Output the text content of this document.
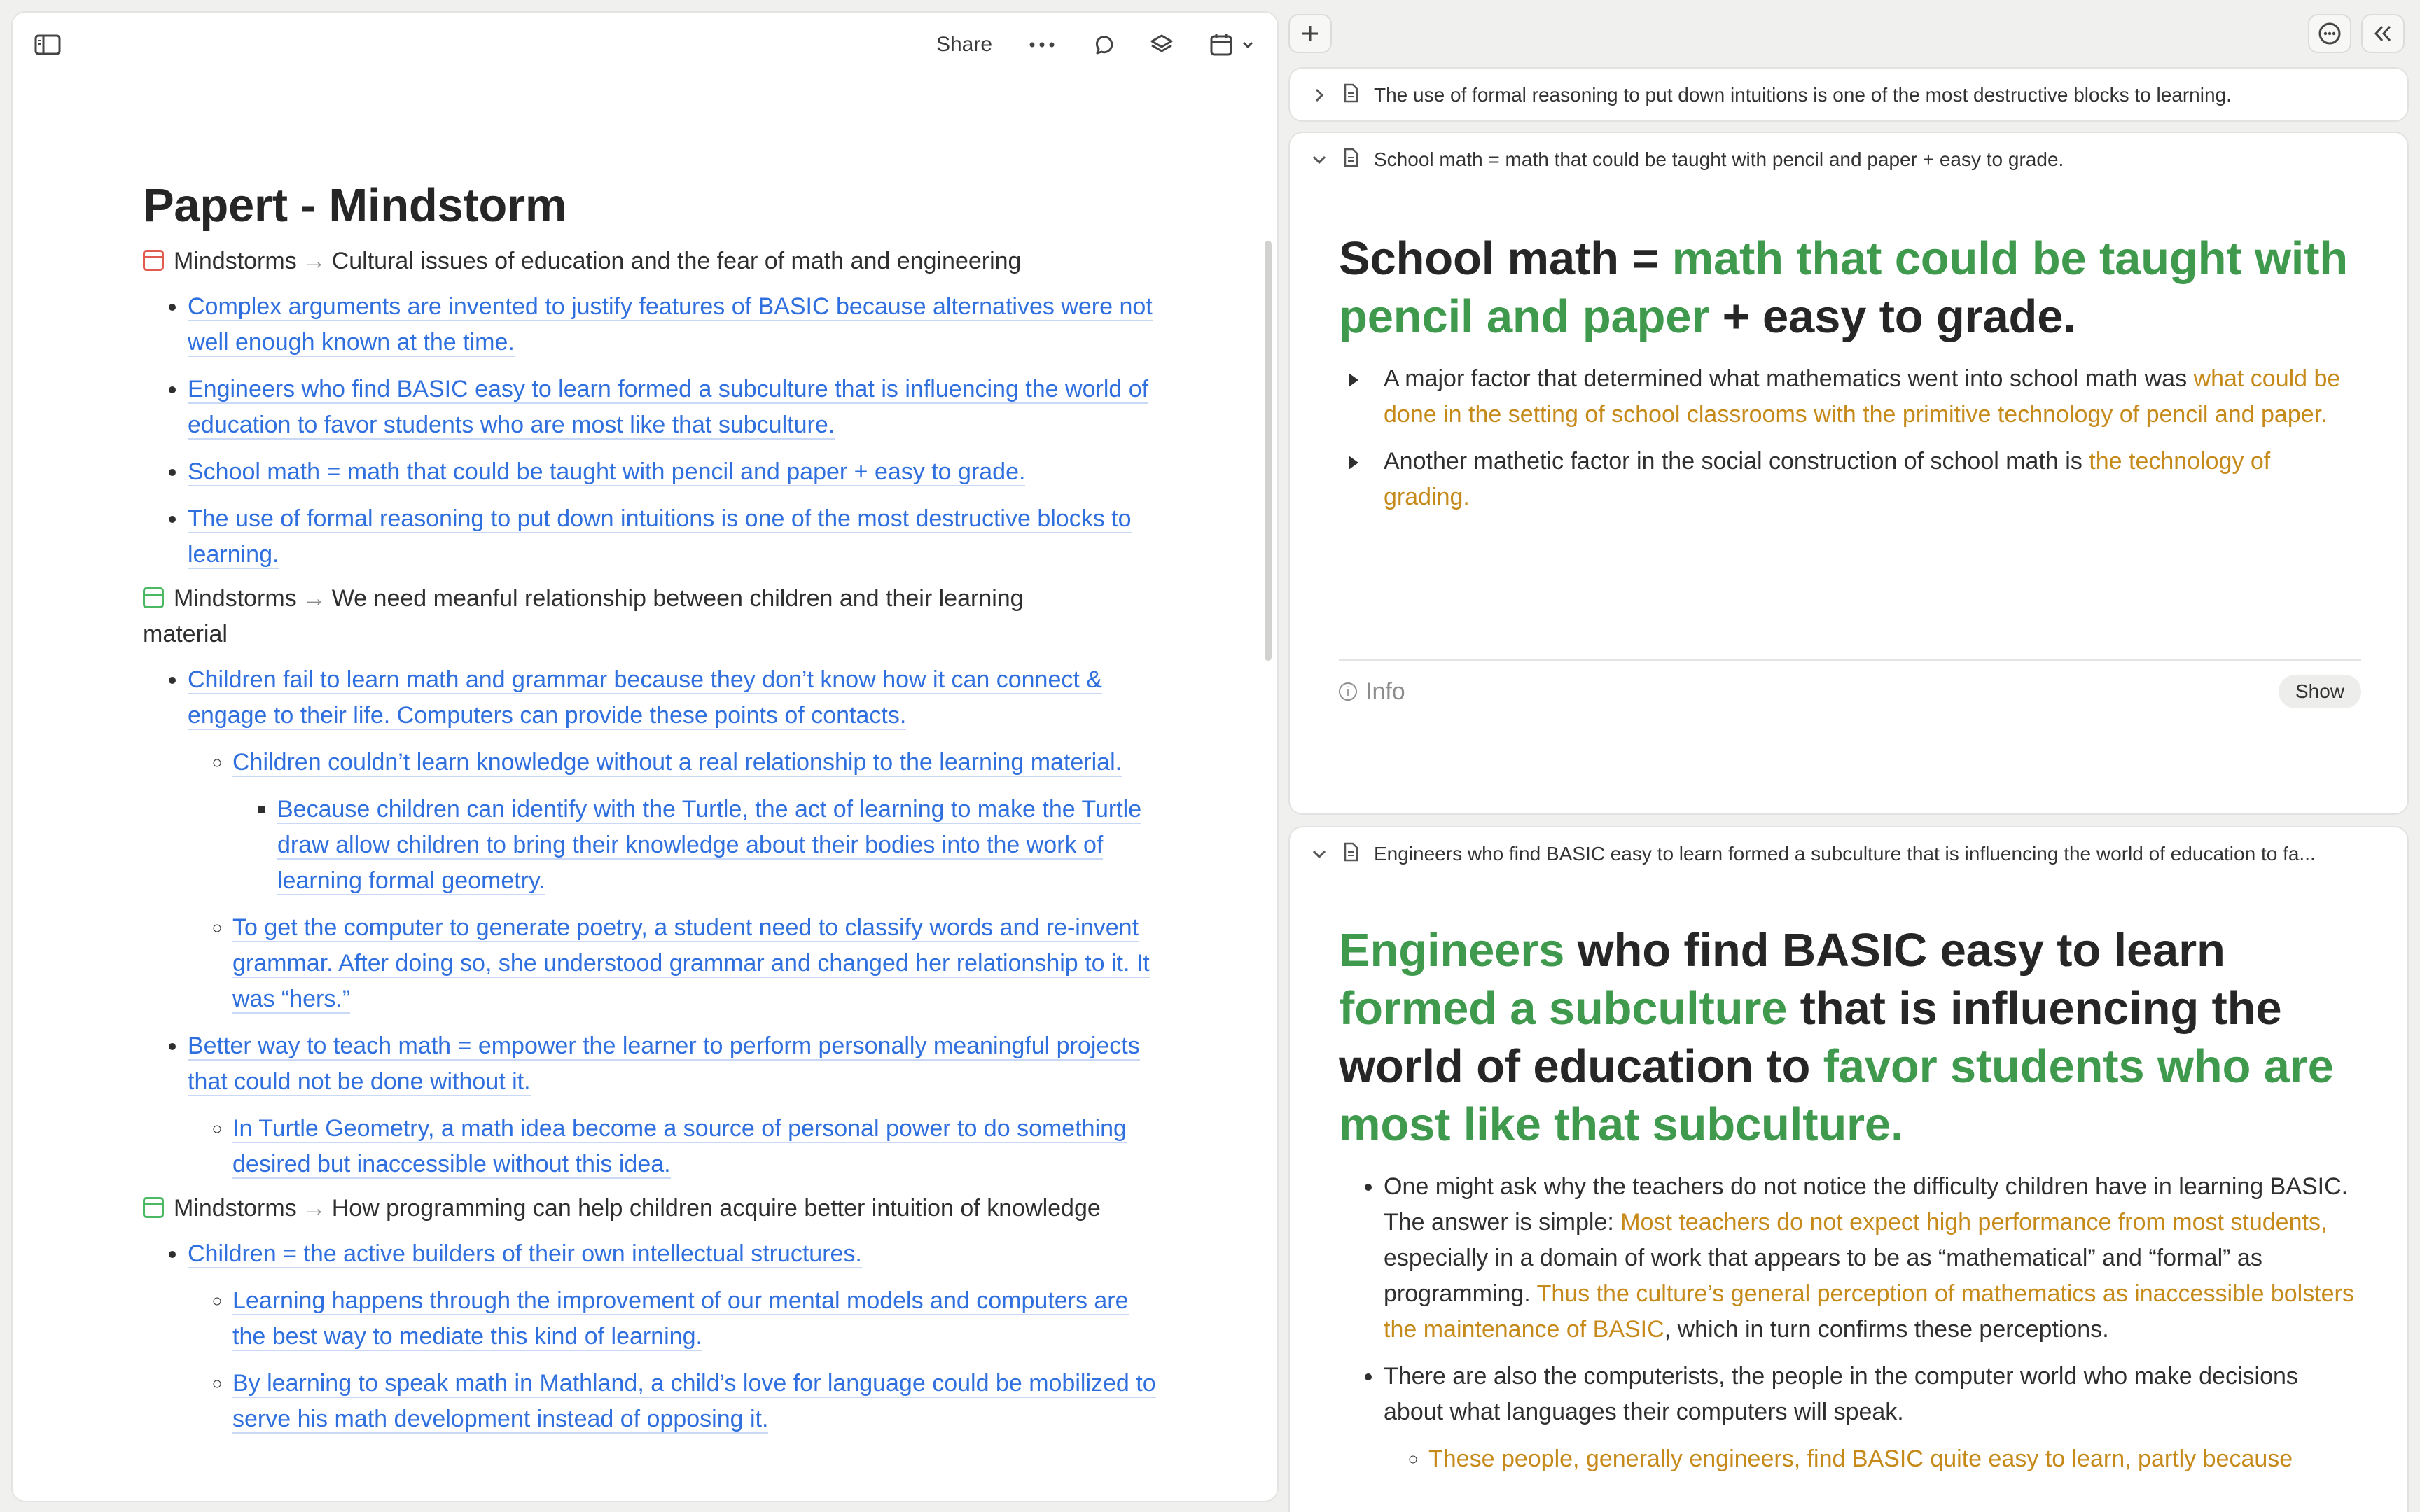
Share
Papert - Mindstorm
Mindstorms → Cultural issues of education and the fear of math and engineering
• Complex arguments are invented to justify features of BASIC because alternatives were not well enough known at the time.
• Engineers who find BASIC easy to learn formed a subculture that is influencing the world of education to favor students who are most like that subculture.
• School math = math that could be taught with pencil and paper + easy to grade.
• The use of formal reasoning to put down intuitions is one of the most destructive blocks to learning.
Mindstorms → We need meanful relationship between children and their learning material
• Children fail to learn math and grammar because they don’t know how it can connect & engage to their life. Computers can provide these points of contacts.
◦ Children couldn’t learn knowledge without a real relationship to the learning material.
▪ Because children can identify with the Turtle, the act of learning to make the Turtle draw allow children to bring their knowledge about their bodies into the work of learning formal geometry.
◦ To get the computer to generate poetry, a student need to classify words and re-invent grammar. After doing so, she understood grammar and changed her relationship to it. It was “hers.”
• Better way to teach math = empower the learner to perform personally meaningful projects that could not be done without it.
◦ In Turtle Geometry, a math idea become a source of personal power to do something desired but inaccessible without this idea.
Mindstorms → How programming can help children acquire better intuition of knowledge
• Children = the active builders of their own intellectual structures.
◦ Learning happens through the improvement of our mental models and computers are the best way to mediate this kind of learning.
◦ By learning to speak math in Mathland, a child’s love for language could be mobilized to serve his math development instead of opposing it.
The use of formal reasoning to put down intuitions is one of the most destructive blocks to learning.
School math = math that could be taught with pencil and paper + easy to grade.
School math = math that could be taught with pencil and paper + easy to grade.
A major factor that determined what mathematics went into school math was what could be done in the setting of school classrooms with the primitive technology of pencil and paper.
Another mathetic factor in the social construction of school math is the technology of grading.
i Info	Show
Engineers who find BASIC easy to learn formed a subculture that is influencing the world of education to fa...
Engineers who find BASIC easy to learn formed a subculture that is influencing the world of education to favor students who are most like that subculture.
• One might ask why the teachers do not notice the difficulty children have in learning BASIC. The answer is simple: Most teachers do not expect high performance from most students, especially in a domain of work that appears to be as “mathematical” and “formal” as programming. Thus the culture’s general perception of mathematics as inaccessible bolsters the maintenance of BASIC, which in turn confirms these perceptions.
• There are also the computerists, the people in the computer world who make decisions about what languages their computers will speak.
◦ These people, generally engineers, find BASIC quite easy to learn, partly because
